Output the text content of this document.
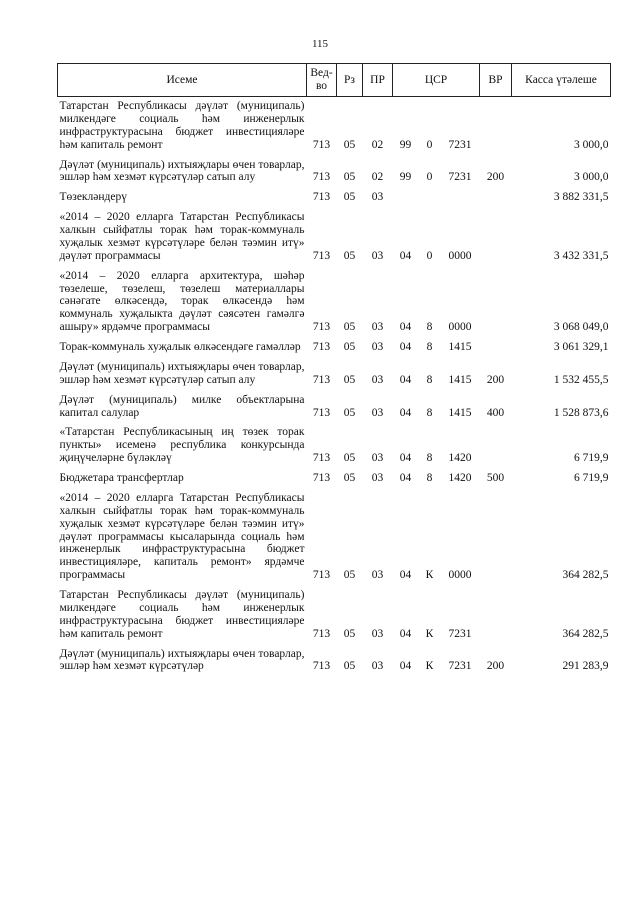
115
Исеме	Вед-во	Рз	ПР	ЦСР			ВР	Касса үтәлеше
Татарстан Республикасы дәүләт (муниципаль) милкендәге социаль һәм инженерлык инфраструктурасына бюджет инвестицияләре һәм капиталь ремонт	713	05	02	99	0	7231		3 000,0
Дәүләт (муниципаль) ихтыяҗлары өчен товарлар, эшләр һәм хезмәт күрсәтүләр сатып алу	713	05	02	99	0	7231	200	3 000,0
Төзекләндерү	713	05	03					3 882 331,5
«2014 – 2020 елларга Татарстан Республикасы халкын сыйфатлы торак һәм торак-коммуналь хуҗалык хезмәт күрсәтүләре белән тәэмин итү» дәүләт программасы	713	05	03	04	0	0000		3 432 331,5
«2014 – 2020 елларга архитектура, шәһәр төзелеше, төзелеш, төзелеш материаллары сәнәгате өлкәсендә, торак өлкәсендә һәм коммуналь хуҗалыкта дәүләт сәясәтен гамәлгә ашыру» ярдәмче программасы	713	05	03	04	8	0000		3 068 049,0
Торак-коммуналь хуҗалык өлкәсендәге гамәлләр	713	05	03	04	8	1415		3 061 329,1
Дәүләт (муниципаль) ихтыяҗлары өчен товарлар, эшләр һәм хезмәт күрсәтүләр сатып алу	713	05	03	04	8	1415	200	1 532 455,5
Дәүләт (муниципаль) милке объектларына капитал салулар	713	05	03	04	8	1415	400	1 528 873,6
«Татарстан Республикасының иң төзек торак пункты» исеменә республика конкурсында җиңүчеләрне бүләкләү	713	05	03	04	8	1420		6 719,9
Бюджетара трансфертлар	713	05	03	04	8	1420	500	6 719,9
«2014 – 2020 елларга Татарстан Республикасы халкын сыйфатлы торак һәм торак-коммуналь хуҗалык хезмәт күрсәтүләре белән тәэмин итү» дәүләт программасы кысаларында социаль һәм инженерлык инфраструктурасына бюджет инвестицияләре, капиталь ремонт» ярдәмче программасы	713	05	03	04	К	0000		364 282,5
Татарстан Республикасы дәүләт (муниципаль) милкендәге социаль һәм инженерлык инфраструктурасына бюджет инвестицияләре һәм капиталь ремонт	713	05	03	04	К	7231		364 282,5
Дәүләт (муниципаль) ихтыяҗлары өчен товарлар, эшләр һәм хезмәт күрсәтүләр	713	05	03	04	К	7231	200	291 283,9
